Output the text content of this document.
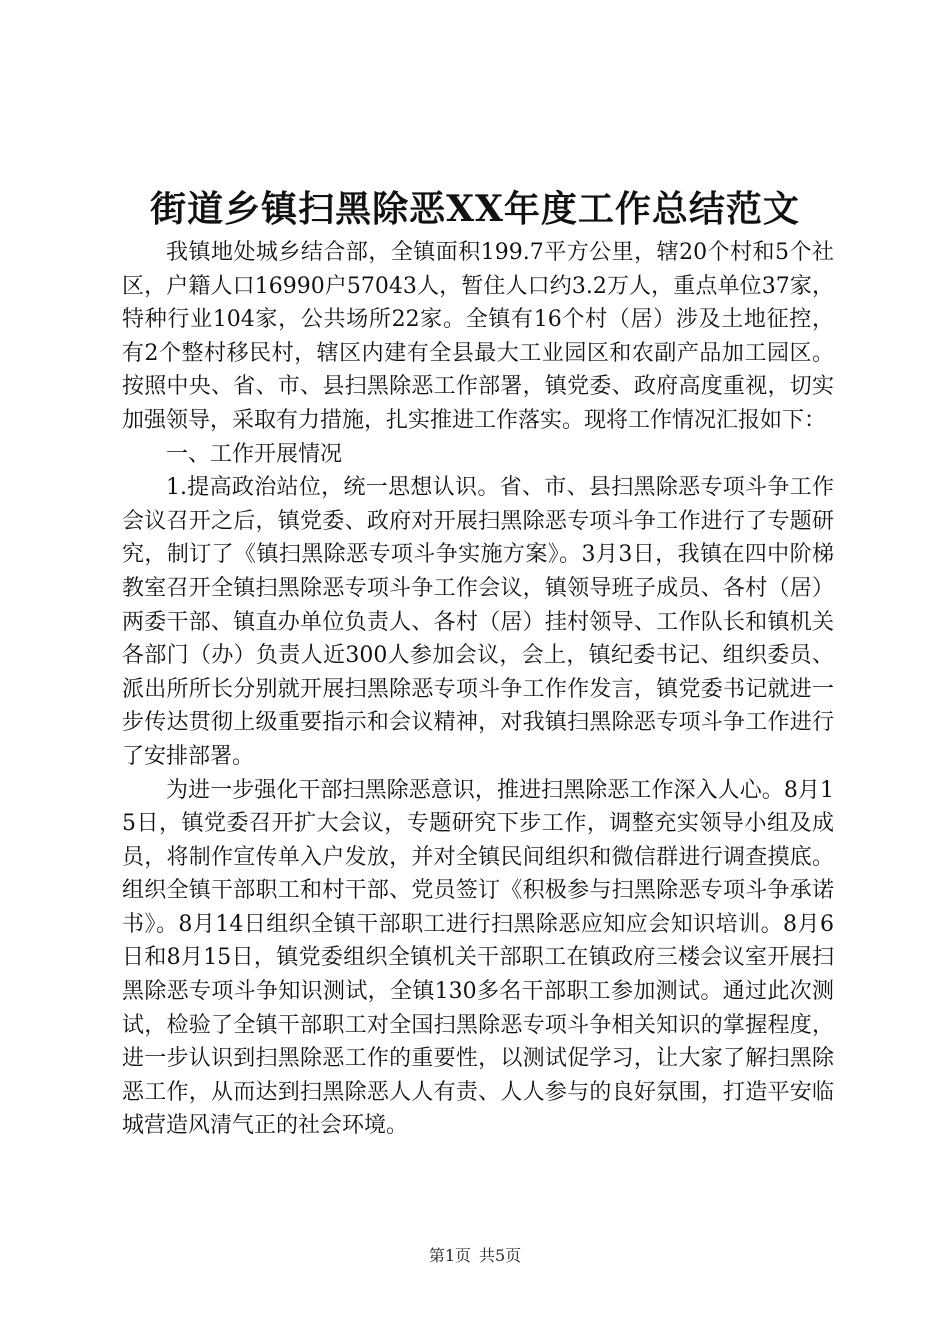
街道乡镇扫黑除恶XX年度工作总结范文

我镇地处城乡结合部，全镇面积199.7平方公里，辖20个村和5个社区，户籍人口16990户57043人，暂住人口约3.2万人，重点单位37家，特种行业104家，公共场所22家。全镇有16个村（居）涉及土地征控，有2个整村移民村，辖区内建有全县最大工业园区和农副产品加工园区。按照中央、省、市、县扫黑除恶工作部署，镇党委、政府高度重视，切实加强领导，采取有力措施，扎实推进工作落实。现将工作情况汇报如下：

一、工作开展情况

1.提高政治站位，统一思想认识。省、市、县扫黑除恶专项斗争工作会议召开之后，镇党委、政府对开展扫黑除恶专项斗争工作进行了专题研究，制订了《镇扫黑除恶专项斗争实施方案》。3月3日，我镇在四中阶梯教室召开全镇扫黑除恶专项斗争工作会议，镇领导班子成员、各村（居）两委干部、镇直办单位负责人、各村（居）挂村领导、工作队长和镇机关各部门（办）负责人近300人参加会议，会上，镇纪委书记、组织委员、派出所所长分别就开展扫黑除恶专项斗争工作作发言，镇党委书记就进一步传达贯彻上级重要指示和会议精神，对我镇扫黑除恶专项斗争工作进行了安排部署。

为进一步强化干部扫黑除恶意识，推进扫黑除恶工作深入人心。8月15日，镇党委召开扩大会议，专题研究下步工作，调整充实领导小组及成员，将制作宣传单入户发放，并对全镇民间组织和微信群进行调查摸底。组织全镇干部职工和村干部、党员签订《积极参与扫黑除恶专项斗争承诺书》。8月14日组织全镇干部职工进行扫黑除恶应知应会知识培训。8月6日和8月15日，镇党委组织全镇机关干部职工在镇政府三楼会议室开展扫黑除恶专项斗争知识测试，全镇130多名干部职工参加测试。通过此次测试，检验了全镇干部职工对全国扫黑除恶专项斗争相关知识的掌握程度，进一步认识到扫黑除恶工作的重要性，以测试促学习，让大家了解扫黑除恶工作，从而达到扫黑除恶人人有责、人人参与的良好氛围，打造平安临城营造风清气正的社会环境。

第1页 共5页
